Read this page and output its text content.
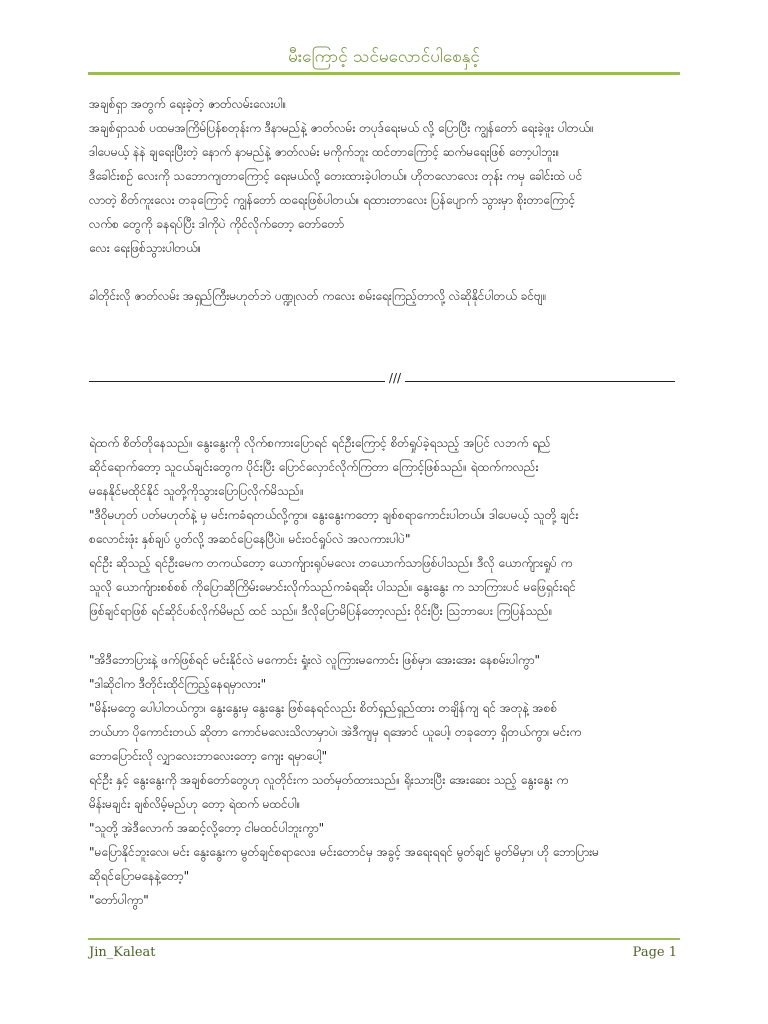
မီးကြောင့် သင်မလောင်ပါစေနှင့်
အချစ်ရှာ အတွက် ရေးခဲ့တဲ့ ဇာတ်လမ်းလေးပါ။
အချစ်ရှာသစ် ပထမအကြိမ်ပြန်စတုန်းက ဒီနာမည်နဲ့ ဇာတ်လမ်း တပုဒ်ရေးမယ် လို့ ပြောပြီး ကျွန်တော် ရေးခဲ့ဖူး ပါတယ်။
ဒါပေမယ့် နဲနဲ ချရေးပြီးတဲ့ နောက် နာမည်နဲ့ ဇာတ်လမ်း မကိုက်ဘူး ထင်တာကြောင့် ဆက်မရေးဖြစ် တော့ပါဘူး။
ဒီခေါင်းစဉ် လေးကို သဘောကျတာကြောင့် ရေးမယ်လို့ တေးထားခဲ့ပါတယ်။ ဟိုတလောလေး တုန်း ကမှ ခေါင်းထဲ ပင်
လာတဲ့ စိတ်ကူးလေး တခုကြောင့် ကျွန်တော် ထရေးဖြစ်ပါတယ်။ ရထားတာလေး ပြန်ပျောက် သွားမှာ စိုးတာကြောင့်
လက်စ တွေကို ခနရပ်ပြီး ဒါကိုပဲ ကိုင်လိုက်တော့ တော်တော်
လေး ရေးဖြစ်သွားပါတယ်။
ခါတိုင်းလို ဇာတ်လမ်း အရှည်ကြီးမဟုတ်ဘဲ ပဏ္ဍုလတ် ကလေး စမ်းရေးကြည့်တာလို့ လဲဆိုနိုင်ပါတယ် ခင်ဗျ။
///
ရဲထက် စိတ်တိုနေသည်။ နွေးနွေးကို လိုက်စကားပြောရင် ရင်ဦးကြောင့် စိတ်ရှုပ်ခဲ့ရသည့် အပြင် လဘက် ရည်
ဆိုင်ရောက်တော့ သူငယ်ချင်းတွေက ပိုင်းပြီး ပြောင်လှောင်လိုက်ကြတာ ကြောင့်ဖြစ်သည်။ ရဲထက်ကလည်း
မနေနိုင်မထိုင်နိုင် သူတို့ကိုသွားပြောပြလိုက်မိသည်။
"ဒီဝိုမဟုတ် ပတ်မဟုတ်နဲ့ မှ မင်းကခံရတယ်လို့ကွာ။ နွေးနွေးကတော့ ချစ်စရာကောင်းပါတယ်။ ဒါပေမယ့် သူတို့ ချင်း
စလောင်းဖုံး နှစ်ချပ် ပွတ်လို့ အဆင်ပြေနေပြီပဲ။ မင်းဝင်ရှုပ်လဲ အလကားပါပဲ"
ရင်ဦး ဆိုသည့် ရင်ဦးမေက တကယ်တော့ ယောက်ျားရုပ်မလေး တယောက်သာဖြစ်ပါသည်။ ဒီလို ယောက်ျားရှုပ် က
သူလို ယောက်ျားစစ်စစ် ကိုပြောဆိုကြိမ်းမောင်းလိုက်သည်ကခံရဆိုး ပါသည်။ နွေးနွေး က သာကြားပင် မဖြေရှင်းရင်
ဖြစ်ချင်ရာဖြစ် ရင်ဆိုင်ပစ်လိုက်မိမည် ထင် သည်။ ဒီလိုပြောမိပြန်တော့လည်း ဝိုင်းပြီး ဩဘာပေး ကြပြန်သည်။
"အိဒီဘောပြားနဲ့ ဖက်ဖြစ်ရင် မင်းနိုင်လဲ မကောင်း ရှုံးလဲ လူကြားမကောင်း ဖြစ်မှာ၊ အေးအေး နေစမ်းပါကွာ"
"ဒါဆိုငါက ဒီတိုင်းထိုင်ကြည့်နေရမှာလား"
"မိန်းမတွေ ပေါပါတယ်ကွာ၊ နွေးနွေးမှ နွေးနွေး ဖြစ်နေရင်လည်း စိတ်ရှည်ရှည်ထား တချိန်ကျ ရင် အတုနဲ့ အစစ်
ဘယ်ဟာ ပိုကောင်းတယ် ဆိုတာ ကောင်မလေးသိလာမှာပဲ၊ အဲဒီကျမှ ရအောင် ယူပေါ့၊ တခုတော့ ရှိတယ်ကွာ၊ မင်းက
ဘောပြောင်းလို လျှာလေးဘာလေးတော့ ကျေး ရမှာပေါ့"
ရင်ဦး နှင့် နွေးနွေးကို အချစ်တော်တွေဟု လူတိုင်းက သတ်မှတ်ထားသည်။ ရိုးသားပြီး အေးဆေး သည့် နွေးနွေး က
မိန်းမချင်း ချစ်လိမ့်မည်ဟု တော့ ရဲထက် မထင်ပါ။
"သူတို့ အဲဒီလောက် အဆင့်လို့တော့ ငါမထင်ပါဘူးကွာ"
"မပြောနိုင်ဘူးလေ၊ မင်း နွေးနွေးက မွတ်ချင်စရာလေး၊ မင်းတောင်မှ အခွင့် အရေးရရင် မွတ်ချင် မွတ်မိမှာ၊ ဟို ဘောပြားမ
ဆိုရင်ပြောမနေနဲ့တော့"
"တော်ပါကွာ"
Jin_Kaleat	Page 1
